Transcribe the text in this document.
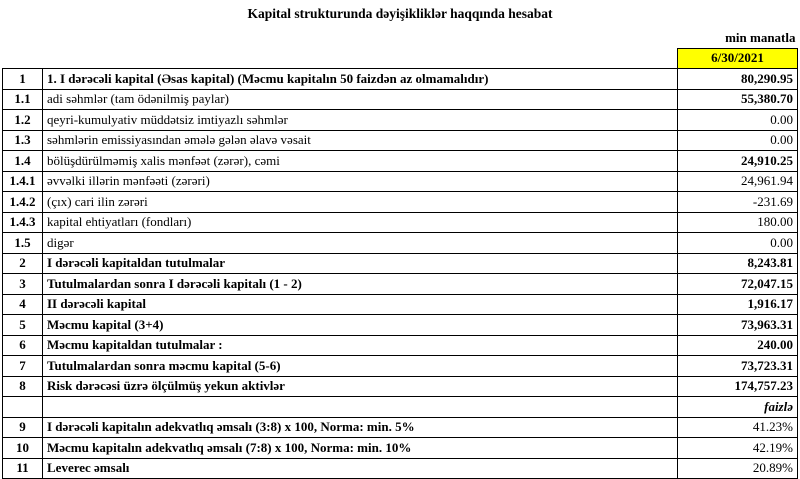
Kapital strukturunda dəyişikliklər haqqında hesabat
		min manatla
		6/30/2021
1	1. I dərəcəli kapital (Əsas kapital) (Məcmu kapitalın 50 faizdən az olmamalıdır)	80,290.95
1.1	adi səhmlər (tam ödənilmiş paylar)	55,380.70
1.2	qeyri-kumulyativ müddətsiz imtiyazlı səhmlər	0.00
1.3	səhmlərin emissiyasından əmələ gələn əlavə vəsait	0.00
1.4	bölüşdürülməmiş xalis mənfəət (zərər), cəmi	24,910.25
1.4.1	əvvəlki illərin mənfəəti (zərəri)	24,961.94
1.4.2	(çıx) cari ilin zərəri	-231.69
1.4.3	kapital ehtiyatları (fondları)	180.00
1.5	digər	0.00
2	I dərəcəli kapitaldan tutulmalar	8,243.81
3	Tutulmalardan sonra I dərəcəli kapitalı (1 - 2)	72,047.15
4	II dərəcəli kapital	1,916.17
5	Məcmu kapital (3+4)	73,963.31
6	Məcmu kapitaldan tutulmalar :	240.00
7	Tutulmalardan sonra məcmu kapital (5-6)	73,723.31
8	Risk dərəcəsi üzrə ölçülmüş yekun aktivlər	174,757.23
		faizlə
9	I dərəcəli kapitalın adekvatlıq əmsalı (3:8) x 100, Norma: min. 5%	41.23%
10	Məcmu kapitalın adekvatlıq əmsalı (7:8) x 100, Norma: min. 10%	42.19%
11	Leverec əmsalı	20.89%
